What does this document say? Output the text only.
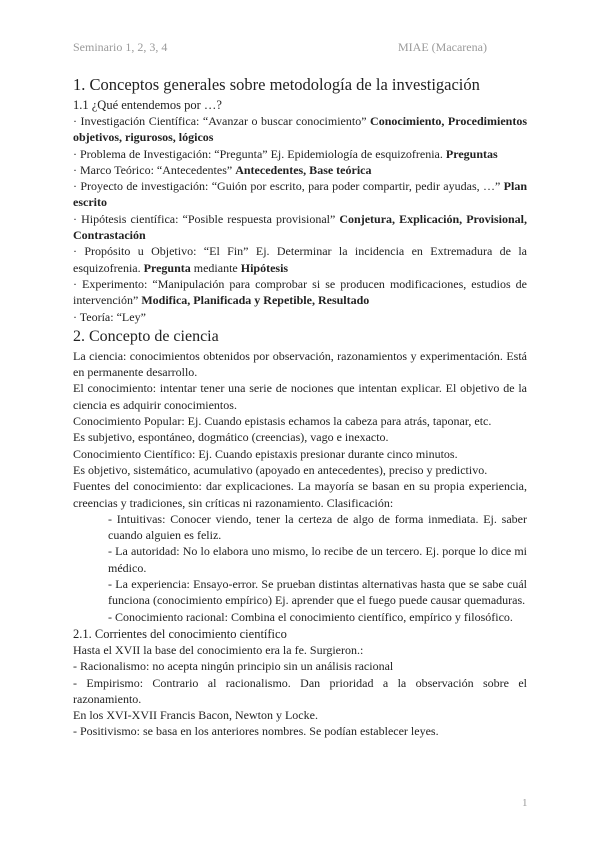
Seminario 1, 2, 3, 4	MIAE (Macarena)
1. Conceptos generales sobre metodología de la investigación
1.1 ¿Qué entendemos por …?

· Investigación Científica: “Avanzar o buscar conocimiento” Conocimiento, Procedimientos objetivos, rigurosos, lógicos

· Problema de Investigación: “Pregunta” Ej. Epidemiología de esquizofrenia. Preguntas

· Marco Teórico: “Antecedentes” Antecedentes, Base teórica

· Proyecto de investigación: “Guión por escrito, para poder compartir, pedir ayudas, …” Plan escrito

· Hipótesis científica: “Posible respuesta provisional” Conjetura, Explicación, Provisional, Contrastación

· Propósito u Objetivo: “El Fin” Ej. Determinar la incidencia en Extremadura de la esquizofrenia. Pregunta mediante Hipótesis

· Experimento: “Manipulación para comprobar si se producen modificaciones, estudios de intervención” Modifica, Planificada y Repetible, Resultado

· Teoría: “Ley”

2. Concepto de ciencia

La ciencia: conocimientos obtenidos por observación, razonamientos y experimentación. Está en permanente desarrollo.

El conocimiento: intentar tener una serie de nociones que intentan explicar. El objetivo de la ciencia es adquirir conocimientos.

Conocimiento Popular: Ej. Cuando epistasis echamos la cabeza para atrás, taponar, etc.

Es subjetivo, espontáneo, dogmático (creencias), vago e inexacto.

Conocimiento Científico: Ej. Cuando epistaxis presionar durante cinco minutos.

Es objetivo, sistemático, acumulativo (apoyado en antecedentes), preciso y predictivo.

Fuentes del conocimiento: dar explicaciones. La mayoría se basan en su propia experiencia, creencias y tradiciones, sin críticas ni razonamiento. Clasificación:

- Intuitivas: Conocer viendo, tener la certeza de algo de forma inmediata. Ej. saber cuando alguien es feliz.

- La autoridad: No lo elabora uno mismo, lo recibe de un tercero. Ej. porque lo dice mi médico.

- La experiencia: Ensayo-error. Se prueban distintas alternativas hasta que se sabe cuál funciona (conocimiento empírico) Ej. aprender que el fuego puede causar quemaduras.

- Conocimiento racional: Combina el conocimiento científico, empírico y filosófico.

2.1. Corrientes del conocimiento científico

Hasta el XVII la base del conocimiento era la fe. Surgieron.:

- Racionalismo: no acepta ningún principio sin un análisis racional

- Empirismo: Contrario al racionalismo. Dan prioridad a la observación sobre el razonamiento.

En los XVI-XVII Francis Bacon, Newton y Locke.

- Positivismo: se basa en los anteriores nombres. Se podían establecer leyes.

1
